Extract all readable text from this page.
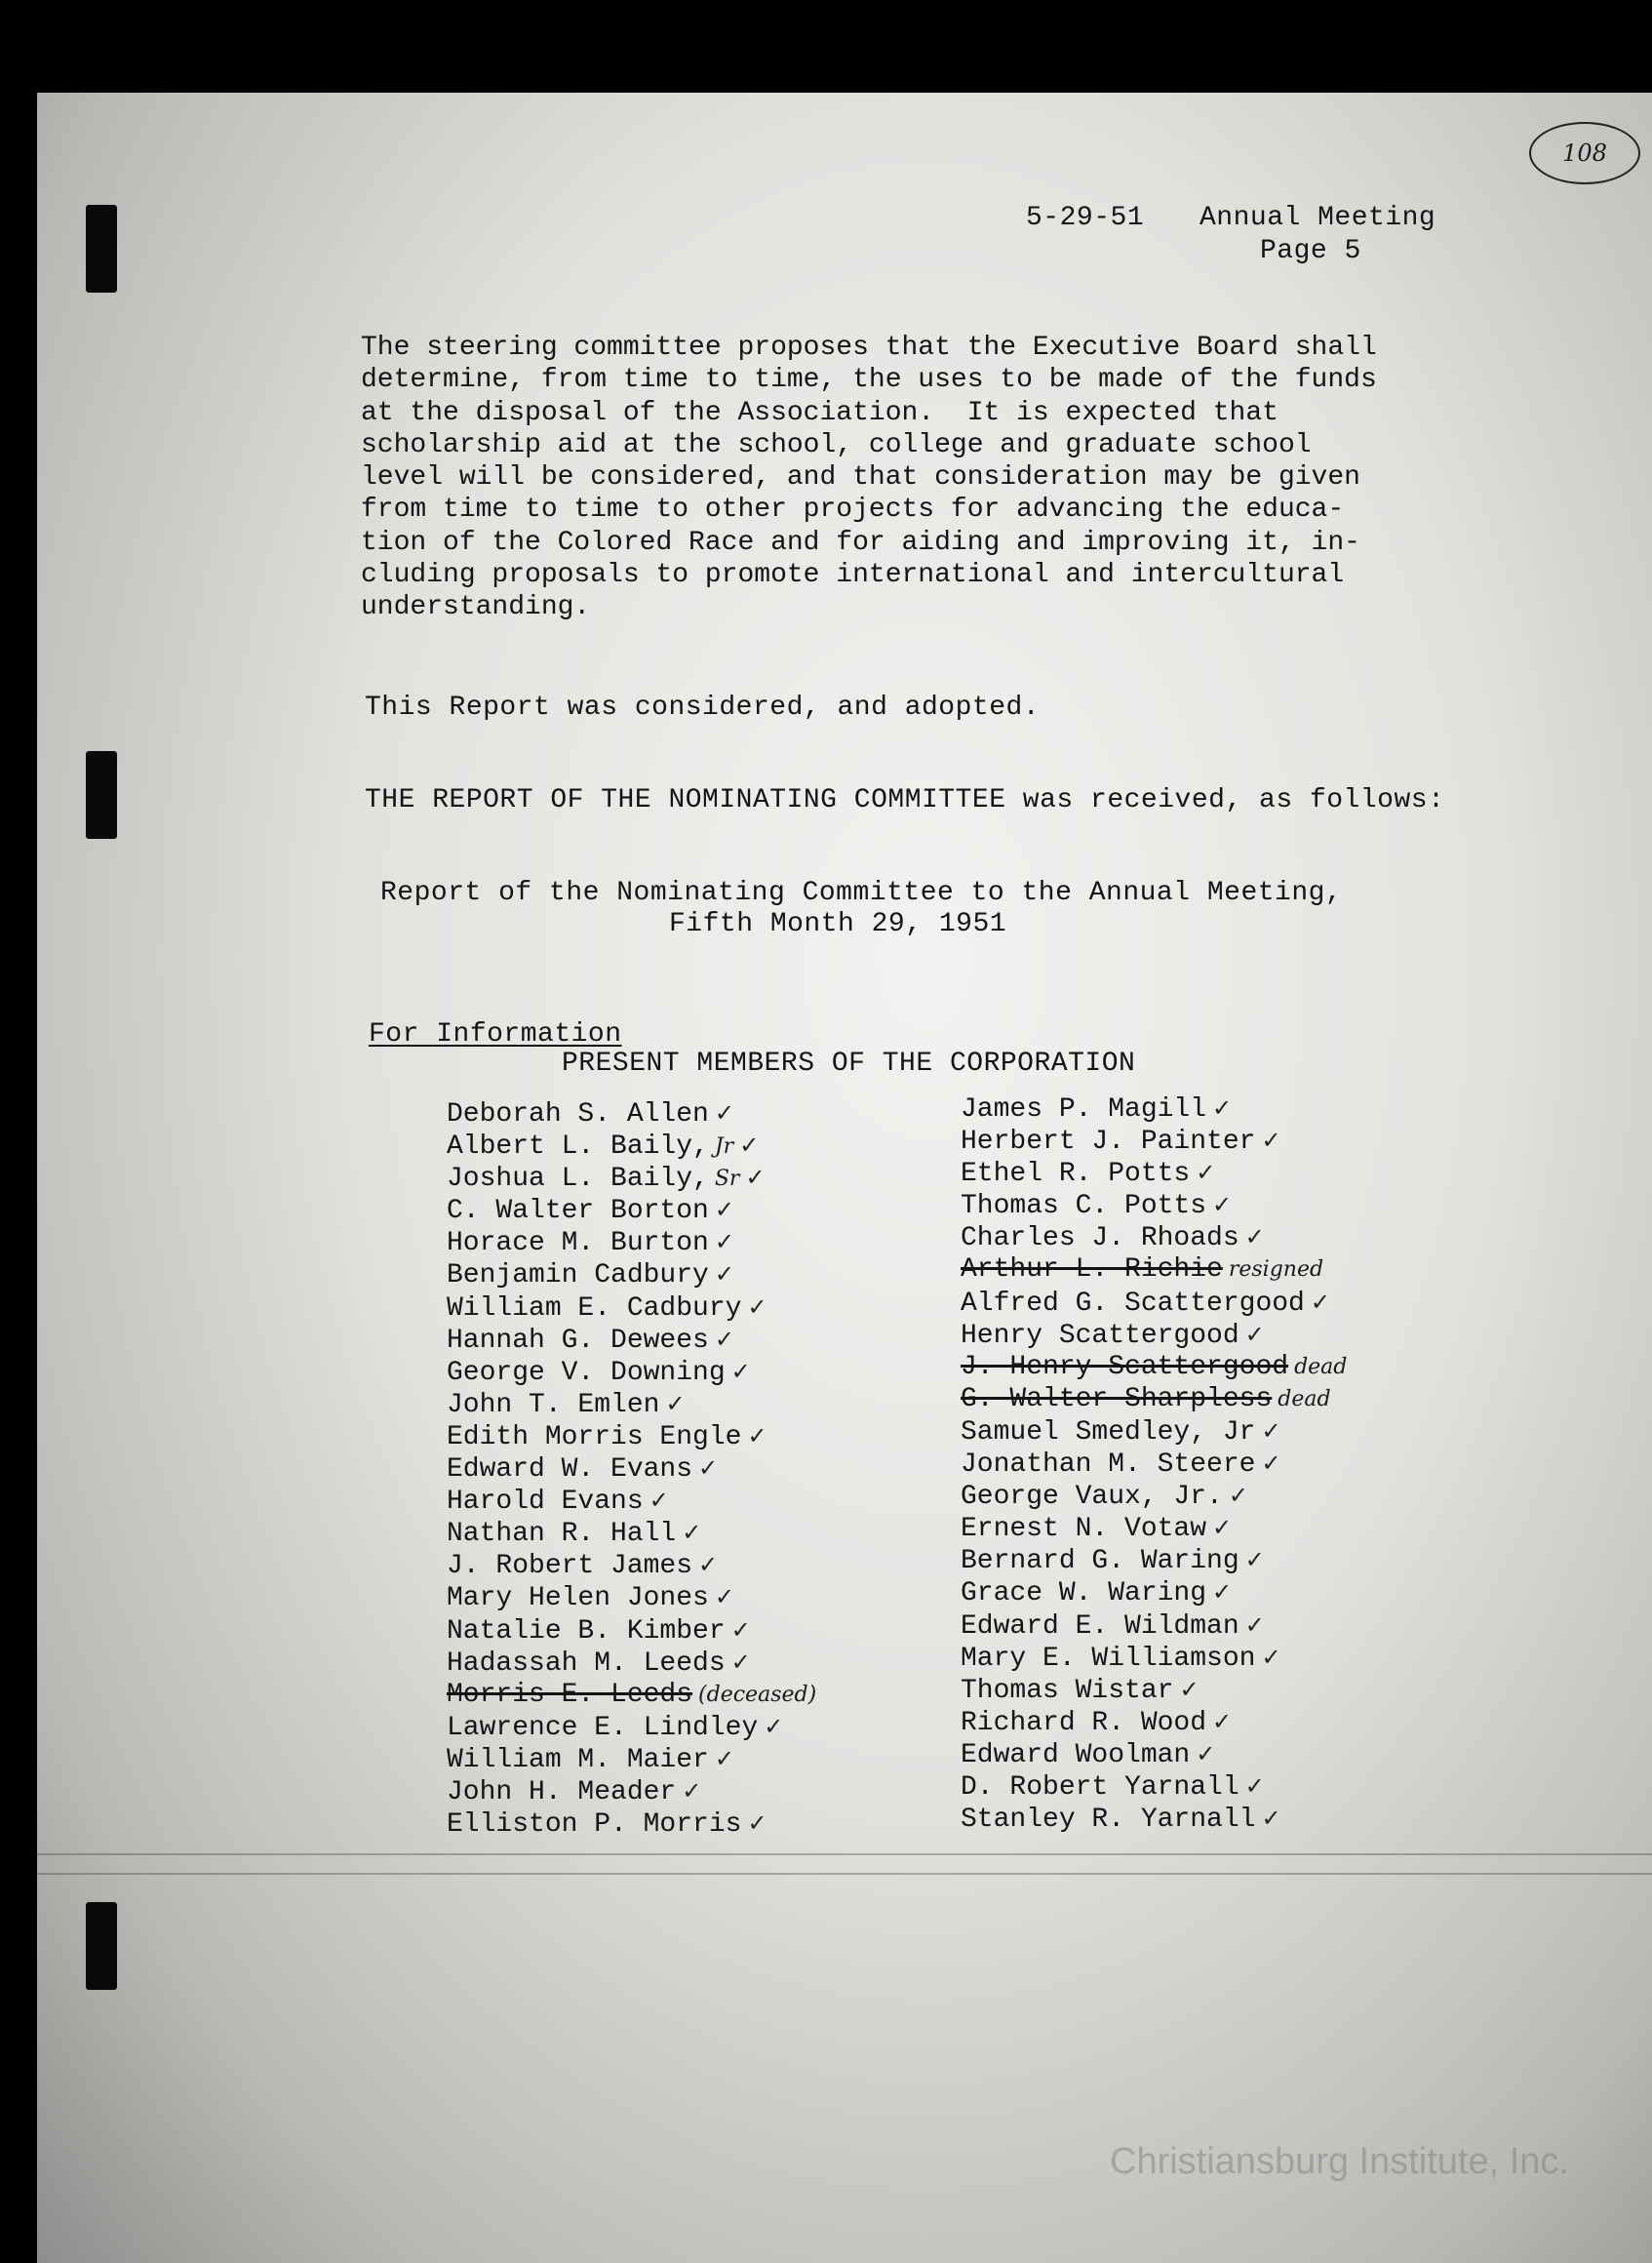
108
5-29-51 Annual Meeting
Page 5
The steering committee proposes that the Executive Board shall
determine, from time to time, the uses to be made of the funds
at the disposal of the Association.  It is expected that
scholarship aid at the school, college and graduate school
level will be considered, and that consideration may be given
from time to time to other projects for advancing the educa-
tion of the Colored Race and for aiding and improving it, in-
cluding proposals to promote international and intercultural
understanding.
This Report was considered, and adopted.
THE REPORT OF THE NOMINATING COMMITTEE was received, as follows:
Report of the Nominating Committee to the Annual Meeting,
Fifth Month 29, 1951
For Information
PRESENT MEMBERS OF THE CORPORATION
Deborah S. Allen ✓
Albert L. Baily, Jr ✓
Joshua L. Baily, Sr ✓
C. Walter Borton ✓
Horace M. Burton ✓
Benjamin Cadbury ✓
William E. Cadbury ✓
Hannah G. Dewees ✓
George V. Downing ✓
John T. Emlen ✓
Edith Morris Engle ✓
Edward W. Evans ✓
Harold Evans ✓
Nathan R. Hall ✓
J. Robert James ✓
Mary Helen Jones ✓
Natalie B. Kimber ✓
Hadassah M. Leeds ✓
Morris E. Leeds (deceased)
Lawrence E. Lindley ✓
William M. Maier ✓
John H. Meader ✓
Elliston P. Morris ✓
James P. Magill ✓
Herbert J. Painter ✓
Ethel R. Potts ✓
Thomas C. Potts ✓
Charles J. Rhoads ✓
Arthur L. Richie resigned
Alfred G. Scattergood ✓
Henry Scattergood ✓
J. Henry Scattergood dead
G. Walter Sharpless dead
Samuel Smedley, Jr ✓
Jonathan M. Steere ✓
George Vaux, Jr. ✓
Ernest N. Votaw ✓
Bernard G. Waring ✓
Grace W. Waring ✓
Edward E. Wildman ✓
Mary E. Williamson ✓
Thomas Wistar ✓
Richard R. Wood ✓
Edward Woolman ✓
D. Robert Yarnall ✓
Stanley R. Yarnall ✓
Christiansburg Institute, Inc.
